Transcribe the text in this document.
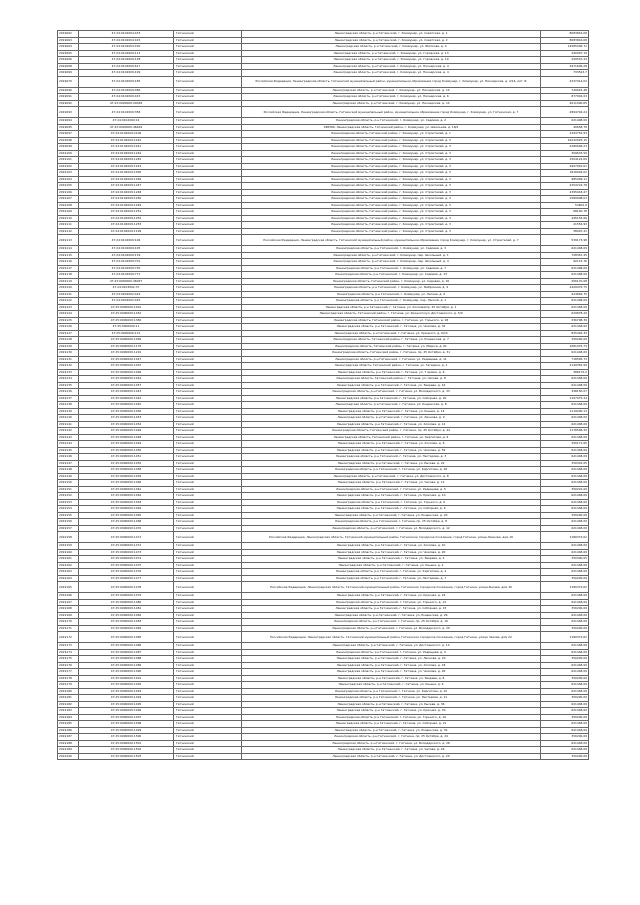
2019062	47:24:0102004:433	Гатчинский	Ленинградская область, р-н Гатчинский, г. Коммунар, ул. Советская, д. 1	8083816,08
2019063	47:24:0102004:415	Гатчинский	Ленинградская область, р-н Гатчинский, г. Коммунар, ул. Советская, д. 2	8083816,08
2019064	47:24:0102004:430	Гатчинский	Ленинградская область, р-н Гатчинский, г. Коммунар, ул. Жипкова, д. 4	14585006,71
2019065	47:24:0102009:113	Гатчинский	Ленинградская область, р-н Гатчинский, г. Коммунар, ул. Городская, д. 13	290907,19
2019066	47:24:0102009:128	Гатчинский	Ленинградская область, р-н Гатчинский, г. Коммунар, ул. Городская, д. 10	259597,24
2019068	47:24:0102009:617	Гатчинский	Ленинградская область, р-н Гатчинский, г. Коммунар, ул. Пионерская, д. 4	2971606,28
2019069	47:24:0102009:109	Гатчинский	Ленинградская область, р-н Гатчинский, г. Коммунар, ул. Пионерская, д. 4	733523,7
2019070	47:24:0102009:185	Гатчинский	Российская Федерация, Ленинградская область, Гатчинский муниципальный район, муниципальное образование город Коммунар, г. Коммунар, ул. Пионерская, д. 2/14, лит. Б	2237414,02
2019090	47:24:0102009:486	Гатчинский	Ленинградская область, р-н Гатчинский, г. Коммунар, ул. Пионерская, д. 14	749024,48
2019091	47:24:0102009:415	Гатчинский	Ленинградская область, р-н Гатчинский, г. Коммунар, ул. Пионерская, д. 6	877902,03
2019092	47:23:0000000:20028	Гатчинский	Ленинградская область, р-н Гатчинский, г. Коммунар, ул. Пионерская, д. 14	2011090,65
2019093	47:24:0102009:358	Гатчинский	Российская Федерация, Ленинградская область, Гатчинский муниципальный район, муниципальное образование город Коммунар, г. Коммунар, ул. Гатчинская, д. 7	2894702,24
2019094	47:24:0102009:14	Гатчинский	Ленинградская область, р-н Гатчинский, г. Коммунар, ул. Садовая, д. 2	621408,09
2019095	47:23:0000000:46469	Гатчинский	188380, Ленинградская область, Гатчинский район, г. Коммунар, ул. Школьная, д. 18/2	40658,78
2019097	47:24:0102009:2106	Гатчинский	Ленинградская область, Гатчинский район, г. Коммунар, ул. Строителей, д. 1	2293752,93
2019098	47:24:0102009:1242	Гатчинский	Ленинградская область, Гатчинский район, г. Коммунар, ул. Строителей, д. 3	16232025,15
2019099	47:24:0102009:1241	Гатчинский	Ленинградская область, Гатчинский район, г. Коммунар, ул. Строителей, д. 3	2280606,23
2019100	47:24:0102009:1244	Гатчинский	Ленинградская область, Гатчинский район, г. Коммунар, ул. Строителей, д. 3	309633,59
2019101	47:24:0102009:1245	Гатчинский	Ленинградская область, Гатчинский район, г. Коммунар, ул. Строителей, д. 3	1504122,69
2019102	47:24:0102009:1243	Гатчинский	Ленинградская область, Гатчинский район, г. Коммунар, ул. Строителей, д. 3	4907991,61
2019103	47:24:0102009:1095	Гатчинский	Ленинградская область, Гатчинский район, г. Коммунар, ул. Строителей, д. 3	1818094,02
2019104	47:24:0102009:1246	Гатчинский	Ленинградская область, Гатчинский район, г. Коммунар, ул. Строителей, д. 3	985409,11
2019105	47:24:0102009:1247	Гатчинский	Ленинградская область, Гатчинский район, г. Коммунар, ул. Строителей, д. 3	2254724,78
2019106	47:24:0102009:1248	Гатчинский	Ленинградская область, Гатчинский район, г. Коммунар, ул. Строителей, д. 3	2395018,47
2019107	47:24:0102009:1250	Гатчинский	Ленинградская область, Гатчинский район, г. Коммунар, ул. Строителей, д. 3	1589098,03
2019108	47:24:0102009:1249	Гатчинский	Ленинградская область, Гатчинский район, г. Коммунар, ул. Строителей, д. 3	54602,9
2019109	47:24:0102009:1251	Гатчинский	Ленинградская область, Гатчинский район, г. Коммунар, ул. Строителей, д. 3	68140,78
2019110	47:24:0102009:1252	Гатчинский	Ленинградская область, Гатчинский район, г. Коммунар, ул. Строителей, д. 3	445155,06
2019111	47:24:0102009:1253	Гатчинский	Ленинградская область, Гатчинский район, г. Коммунар, ул. Строителей, д. 3	21554,93
2019112	47:24:0102009:1199	Гатчинский	Ленинградская область, Гатчинский район, г. Коммунар, ул. Строителей, д. 3	38097,21
2019113	47:24:0102009:106	Гатчинский	Российская Федерация, Ленинградская область, Гатчинский муниципальный район, муниципальное образование город Коммунар, г. Коммунар, ул. Строителей, д. 7	539173,98
2019114	47:24:0102009:105	Гатчинский	Ленинградская область, р-н Гатчинский, г. Коммунар, ул. Садовая, д. 3	621448,09
2019115	47:24:0102009:139	Гатчинский	Ленинградская область, р-н Гатчинский, г. Коммунар, пер. Школьный, д. 1	728367,25
2019116	47:24:0102009:701	Гатчинский	Ленинградская область, р-н Гатчинский, г. Коммунар, пер. Школьный, д. 4	92115,76
2019117	47:24:0102009:730	Гатчинский	Ленинградская область, р-н Гатчинский, г. Коммунар, ул. Садовая, д. 7	621408,09
2019118	47:24:0102009:771	Гатчинский	Ленинградская область, р-н Гатчинский, г. Коммунар, ул. Садовая, д. 13	621408,09
2019119	47:23:0000000:46097	Гатчинский	Ленинградская область, Гатчинский район, г. Коммунар, ул. Садовая, д. 16	456170,08
2019120	47:24:0103002:37	Гатчинский	Ленинградская область, р-н Гатчинский, г. Коммунар, ул. Фабричная, д. 4	2429475,75
2019121	47:24:0202002:424	Гатчинский	Ленинградская область, р-н Гатчинский, г. Коммунар, ул. Лесная, д. 9	924804,75
2019122	47:24:0202002:425	Гатчинский	Ленинградская область, р-н Гатчинский, г. Коммунар, пер. Лесной, д. 1	621408,09
2019123	47:25:0000000:1401	Гатчинский	Ленинградская область, р-н Гатчинский, г. Гатчина, ул. Хохлова/пр. 25 Октября, д. 1	621448,09
2019124	47:25:0000000:1452	Гатчинский	Ленинградская область, Гатчинский район, г. Гатчина, ул. Урицкого/ул. Достоевского, д. 5/9	629878,29
2019125	47:25:0000000:1382	Гатчинский	Ленинградская область, Гатчинский район, г. Гатчина, ул. Горького, д. 18	336708,39
2019126	47:25:0000000:11	Гатчинский	Ленинградская область, р-н Гатчинский, г. Гатчина, ул. Чкалова, д. 32	621448,09
2019127	47:25:0000000:131	Гатчинский	Ленинградская область, р-н Гатчинский, г. Гатчина, ул. Урицкого, д. 6/14	825446,33
2019128	47:25:0000000:1469	Гатчинский	Ленинградская область, Гатчинский район, г. Гатчина, ул. Рощинская, д. 7	350200,09
2019129	47:25:0000000:1170	Гатчинский	Ленинградская область, Гатчинский район, г. Гатчина, ул. Маркса, д. 61	1081975,73
2019130	47:25:0000000:1210	Гатчинский	Ленинградская область, Гатчинский район, г. Гатчина, пр. 25 Октября, д. 31	621448,09
2019131	47:25:0000000:1447	Гатчинский	Ленинградская область, р-н Гатчинский, г. Гатчина, ул. Радищева, д. 11	718595,73
2019132	47:25:0000000:1467	Гатчинский	Ленинградская область, Гатчинский район, г. Гатчина, ул. Гагарина, д. 1	2149381,99
2019133	47:25:0000000:1466	Гатчинский	Ленинградская область, р-н Гатчинский, г. Гатчина, ул. 7 Армии, д. 6	388175,2
2019134	47:25:0000000:1444	Гатчинский	Ленинградская область, Гатчинский район, г. Гатчина, ул. Чехова, д. 8	621448,09
2019135	47:25:0000000:1457	Гатчинский	Ленинградская область, р-н Гатчинский, г. Гатчина, ул. Зверева, д. 16	621448,09
2019136	47:25:0000000:1443	Гатчинский	Ленинградская область, р-н Гатчинский, г. Гатчина, ул. Володарского, д. 33	348150,07
2019137	47:25:0000000:1442	Гатчинский	Ленинградская область, р-н Гатчинский, г. Гатчина, ул. Соборная, д. 20	1157975,34
2019138	47:25:0000000:1445	Гатчинский	Ленинградская область, р-н Гатчинский, г. Гатчина, ул. Рощинская, д. 8	621448,09
2019139	47:25:0000000:1456	Гатчинский	Ленинградская область, р-н Гатчинский, г. Гатчина, ул. Кныша, д. 14	1119200,13
2019140	47:25:0000000:1453	Гатчинский	Ленинградская область, р-н Гатчинский, г. Гатчина, ул. Леонова, д. 9	621448,09
2019141	47:25:0000000:1454	Гатчинский	Ленинградская область, р-н Гатчинский, г. Гатчина, ул. Хохлова, д. 14	621408,09
2019142	47:25:0000000:1446	Гатчинский	Ленинградская область, Гатчинский район, г. Гатчина, пр. 25 Октября, д. 42	1178508,39
2019143	47:25:0000000:1448	Гатчинский	Ленинградская область, Гатчинский район, г. Гатчина, ул. Киргетова, д. 6	621448,09
2019144	47:25:0000000:1449	Гатчинский	Ленинградская область, р-н Гатчинский, г. Гатчина, ул. Хохлова, д. 6	350171,65
2019145	47:25:0000000:1450	Гатчинский	Ленинградская область, р-н Гатчинский, г. Гатчина, ул. Чкалова, д. 59	621448,09
2019146	47:25:0000000:1451	Гатчинский	Ленинградская область, р-н Гатчинский, г. Гатчина, ул. Нестерова, д. 3	621448,09
2019147	47:25:0000000:1455	Гатчинский	Ленинградская область, р-н Гатчинский, г. Гатчина, ул. Рысева, д. 22	350301,05
2019148	47:25:0000000:1458	Гатчинский	Ленинградская область, р-н Гатчинский, г. Гатчина, ул. Киргетова, д. 18	621448,09
2019149	47:25:0000000:1459	Гатчинский	Ленинградская область, р-н Гатчинский, г. Гатчина, ул. Достоевского, д. 8	621448,09
2019150	47:25:0000000:1460	Гатчинский	Ленинградская область, р-н Гатчинский, г. Гатчина, ул. Чехова, д. 12	621448,09
2019151	47:25:0000000:1461	Гатчинский	Ленинградская область, р-н Гатчинский, г. Гатчина, ул. Радищева, д. 5	350201,09
2019152	47:25:0000000:1462	Гатчинский	Ленинградская область, р-н Гатчинский, г. Гатчина, ул. Красная, д. 10	621448,09
2019153	47:25:0000000:1463	Гатчинский	Ленинградская область, р-н Гатчинский, г. Гатчина, ул. Горького, д. 6	621448,09
2019154	47:25:0000000:1464	Гатчинский	Ленинградская область, р-н Гатчинский, г. Гатчина, ул. Соборная, д. 9	621448,09
2019155	47:25:0000000:1465	Гатчинский	Ленинградская область, р-н Гатчинский, г. Гатчина, ул. Рощинская, д. 20	350200,09
2019156	47:25:0000000:1468	Гатчинский	Ленинградская область, р-н Гатчинский, г. Гатчина, пр. 25 Октября, д. 8	621448,09
2019157	47:25:0000000:1470	Гатчинский	Ленинградская область, р-н Гатчинский, г. Гатчина, ул. Володарского, д. 12	621448,09
2019158	47:25:0000000:1471	Гатчинский	Российская Федерация, Ленинградская область, Гатчинский муниципальный район, Гатчинское городское поселение, город Гатчина, улица Леонова, дом 16	1180372,62
2019159	47:25:0000000:1472	Гатчинский	Ленинградская область, р-н Гатчинский, г. Гатчина, ул. Хохлова, д. 10	621448,09
2019160	47:25:0000000:1473	Гатчинский	Ленинградская область, р-н Гатчинский, г. Гатчина, ул. Чкалова, д. 20	621448,09
2019161	47:25:0000000:1474	Гатчинский	Ленинградская область, р-н Гатчинский, г. Гатчина, ул. Зверева, д. 4	350300,05
2019162	47:25:0000000:1475	Гатчинский	Ленинградская область, р-н Гатчинский, г. Гатчина, ул. Кныша, д. 2	621448,09
2019163	47:25:0000000:1476	Гатчинский	Ленинградская область, р-н Гатчинский, г. Гатчина, ул. Киргетова, д. 4	621448,09
2019164	47:25:0000000:1477	Гатчинский	Ленинградская область, р-н Гатчинский, г. Гатчина, ул. Нестерова, д. 7	350200,09
2019165	47:25:0000000:1478	Гатчинский	Российская Федерация, Ленинградская область, Гатчинский муниципальный район, Гатчинское городское поселение, город Гатчина, улица Рысева, дом 30	1180372,62
2019166	47:25:0000000:1479	Гатчинский	Ленинградская область, р-н Гатчинский, г. Гатчина, ул. Красная, д. 24	621448,09
2019167	47:25:0000000:1480	Гатчинский	Ленинградская область, р-н Гатчинский, г. Гатчина, ул. Горького, д. 12	621448,09
2019168	47:25:0000000:1481	Гатчинский	Ленинградская область, р-н Гатчинский, г. Гатчина, ул. Соборная, д. 15	350200,09
2019169	47:25:0000000:1482	Гатчинский	Ленинградская область, р-н Гатчинский, г. Гатчина, ул. Рощинская, д. 26	621448,09
2019170	47:25:0000000:1483	Гатчинский	Ленинградская область, р-н Гатчинский, г. Гатчина, пр. 25 Октября, д. 16	621448,09
2019171	47:25:0000000:1484	Гатчинский	Ленинградская область, р-н Гатчинский, г. Гатчина, ул. Володарского, д. 20	350200,09
2019172	47:25:0000000:1485	Гатчинский	Российская Федерация, Ленинградская область, Гатчинский муниципальный район, Гатчинское городское поселение, город Гатчина, улица Чехова, дом 22	1180372,62
2019173	47:25:0000000:1486	Гатчинский	Ленинградская область, р-н Гатчинский, г. Гатчина, ул. Достоевского, д. 14	621448,09
2019174	47:25:0000000:1487	Гатчинский	Ленинградская область, р-н Гатчинский, г. Гатчина, ул. Радищева, д. 9	621448,09
2019175	47:25:0000000:1488	Гатчинский	Ленинградская область, р-н Гатчинский, г. Гатчина, ул. Леонова, д. 20	350200,09
2019176	47:25:0000000:1489	Гатчинский	Ленинградская область, р-н Гатчинский, г. Гатчина, ул. Хохлова, д. 18	621448,09
2019177	47:25:0000000:1490	Гатчинский	Ленинградская область, р-н Гатчинский, г. Гатчина, ул. Чкалова, д. 26	621448,09
2019178	47:25:0000000:1491	Гатчинский	Ленинградская область, р-н Гатчинский, г. Гатчина, ул. Зверева, д. 8	350200,09
2019179	47:25:0000000:1492	Гатчинский	Ленинградская область, р-н Гатчинский, г. Гатчина, ул. Кныша, д. 6	621448,09
2019180	47:25:0000000:1493	Гатчинский	Ленинградская область, р-н Гатчинский, г. Гатчина, ул. Киргетова, д. 10	621448,09
2019181	47:25:0000000:1494	Гатчинский	Ленинградская область, р-н Гатчинский, г. Гатчина, ул. Нестерова, д. 11	350200,09
2019182	47:25:0000000:1495	Гатчинский	Ленинградская область, р-н Гатчинский, г. Гатчина, ул. Рысева, д. 36	621448,09
2019183	47:25:0000000:1496	Гатчинский	Ленинградская область, р-н Гатчинский, г. Гатчина, ул. Красная, д. 30	621448,09
2019184	47:25:0000000:1497	Гатчинский	Ленинградская область, р-н Гатчинский, г. Гатчина, ул. Горького, д. 16	350200,09
2019185	47:25:0000000:1498	Гатчинский	Ленинградская область, р-н Гатчинский, г. Гатчина, ул. Соборная, д. 21	621448,09
2019186	47:25:0000000:1499	Гатчинский	Ленинградская область, р-н Гатчинский, г. Гатчина, ул. Рощинская, д. 32	621448,09
2019187	47:25:0000000:1500	Гатчинский	Ленинградская область, р-н Гатчинский, г. Гатчина, пр. 25 Октября, д. 24	350200,09
2019188	47:25:0000000:1501	Гатчинский	Ленинградская область, р-н Гатчинский, г. Гатчина, ул. Володарского, д. 28	621448,09
2019189	47:25:0000000:1502	Гатчинский	Ленинградская область, р-н Гатчинский, г. Гатчина, ул. Чехова, д. 26	621448,09
2019190	47:25:0000000:1503	Гатчинский	Ленинградская область, р-н Гатчинский, г. Гатчина, ул. Достоевского, д. 20	350200,09
